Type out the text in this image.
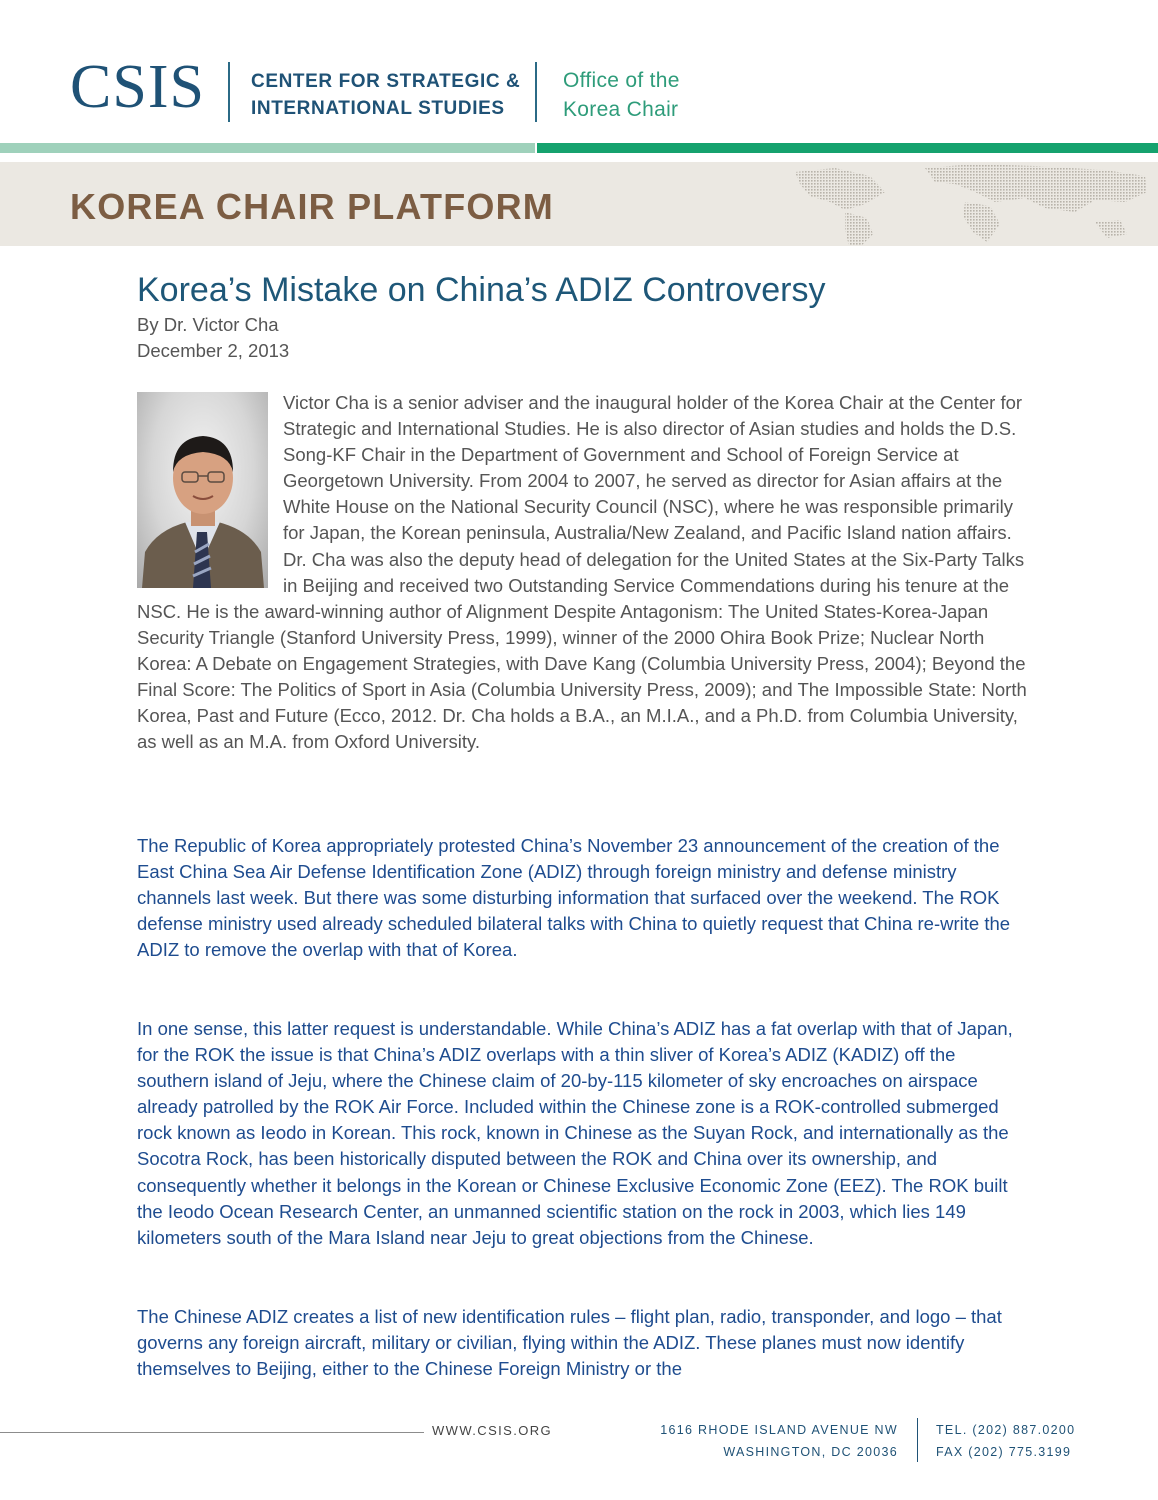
CSIS CENTER FOR STRATEGIC &
INTERNATIONAL STUDIES
Office of the
Korea Chair
KOREA CHAIR PLATFORM
Korea’s Mistake on China’s ADIZ Controversy
By Dr. Victor Cha
December 2, 2013
Victor Cha is a senior adviser and the inaugural holder of the Korea Chair at the Center for Strategic and International Studies. He is also director of Asian studies and holds the D.S. Song-KF Chair in the Department of Government and School of Foreign Service at Georgetown University. From 2004 to 2007, he served as director for Asian affairs at the White House on the National Security Council (NSC), where he was responsible primarily for Japan, the Korean peninsula, Australia/New Zealand, and Pacific Island nation affairs. Dr. Cha was also the deputy head of delegation for the United States at the Six-Party Talks in Beijing and received two Outstanding Service Commendations during his tenure at the NSC. He is the award-winning author of Alignment Despite Antagonism: The United States-Korea-Japan Security Triangle (Stanford University Press, 1999), winner of the 2000 Ohira Book Prize; Nuclear North Korea: A Debate on Engagement Strategies, with Dave Kang (Columbia University Press, 2004); Beyond the Final Score: The Politics of Sport in Asia (Columbia University Press, 2009); and The Impossible State: North Korea, Past and Future (Ecco, 2012. Dr. Cha holds a B.A., an M.I.A., and a Ph.D. from Columbia University, as well as an M.A. from Oxford University.
The Republic of Korea appropriately protested China’s November 23 announcement of the creation of the East China Sea Air Defense Identification Zone (ADIZ) through foreign ministry and defense ministry channels last week. But there was some disturbing information that surfaced over the weekend. The ROK defense ministry used already scheduled bilateral talks with China to quietly request that China re-write the ADIZ to remove the overlap with that of Korea.
In one sense, this latter request is understandable. While China’s ADIZ has a fat overlap with that of Japan, for the ROK the issue is that China’s ADIZ overlaps with a thin sliver of Korea’s ADIZ (KADIZ) off the southern island of Jeju, where the Chinese claim of 20-by-115 kilometer of sky encroaches on airspace already patrolled by the ROK Air Force. Included within the Chinese zone is a ROK-controlled submerged rock known as Ieodo in Korean. This rock, known in Chinese as the Suyan Rock, and internationally as the Socotra Rock, has been historically disputed between the ROK and China over its ownership, and consequently whether it belongs in the Korean or Chinese Exclusive Economic Zone (EEZ). The ROK built the Ieodo Ocean Research Center, an unmanned scientific station on the rock in 2003, which lies 149 kilometers south of the Mara Island near Jeju to great objections from the Chinese.
The Chinese ADIZ creates a list of new identification rules – flight plan, radio, transponder, and logo – that governs any foreign aircraft, military or civilian, flying within the ADIZ. These planes must now identify themselves to Beijing, either to the Chinese Foreign Ministry or the
WWW.CSIS.ORG	1616 RHODE ISLAND AVENUE NW
WASHINGTON, DC 20036
TEL. (202) 887.0200
FAX (202) 775.3199
